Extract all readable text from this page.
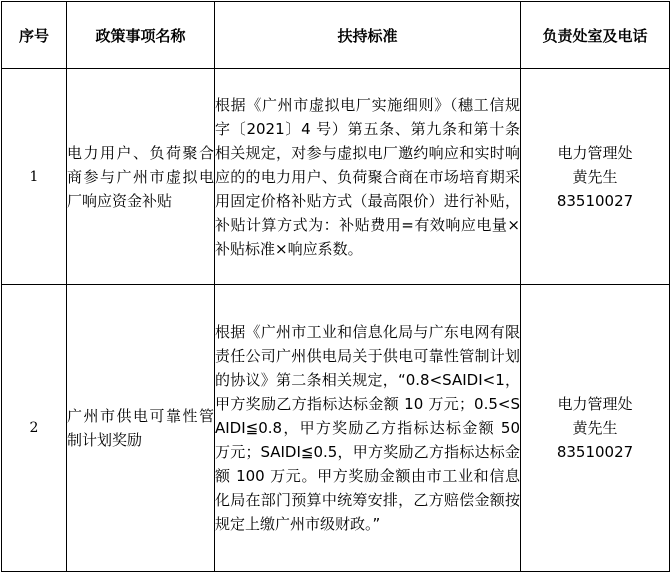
序号	政策事项名称	扶持标准	负责处室及电话
1	电力用户、负荷聚合商参与广州市虚拟电厂响应资金补贴	根据《广州市虚拟电厂实施细则》（穗工信规字〔2021〕4 号）第五条、第九条和第十条相关规定，对参与虚拟电厂邀约响应和实时响应的的电力用户、负荷聚合商在市场培育期采用固定价格补贴方式（最高限价）进行补贴，补贴计算方式为：补贴费用=有效响应电量×补贴标准×响应系数。	电力管理处
黄先生
83510027

2	广州市供电可靠性管制计划奖励	根据《广州市工业和信息化局与广东电网有限责任公司广州供电局关于供电可靠性管制计划的协议》第二条相关规定，“0.8<SAIDI<1，甲方奖励乙方指标达标金额 10 万元；0.5<SAIDI≦0.8，甲方奖励乙方指标达标金额 50 万元；SAIDI≦0.5，甲方奖励乙方指标达标金额 100 万元。甲方奖励金额由市工业和信息化局在部门预算中统筹安排，乙方赔偿金额按规定上缴广州市级财政。”	电力管理处
黄先生
83510027
